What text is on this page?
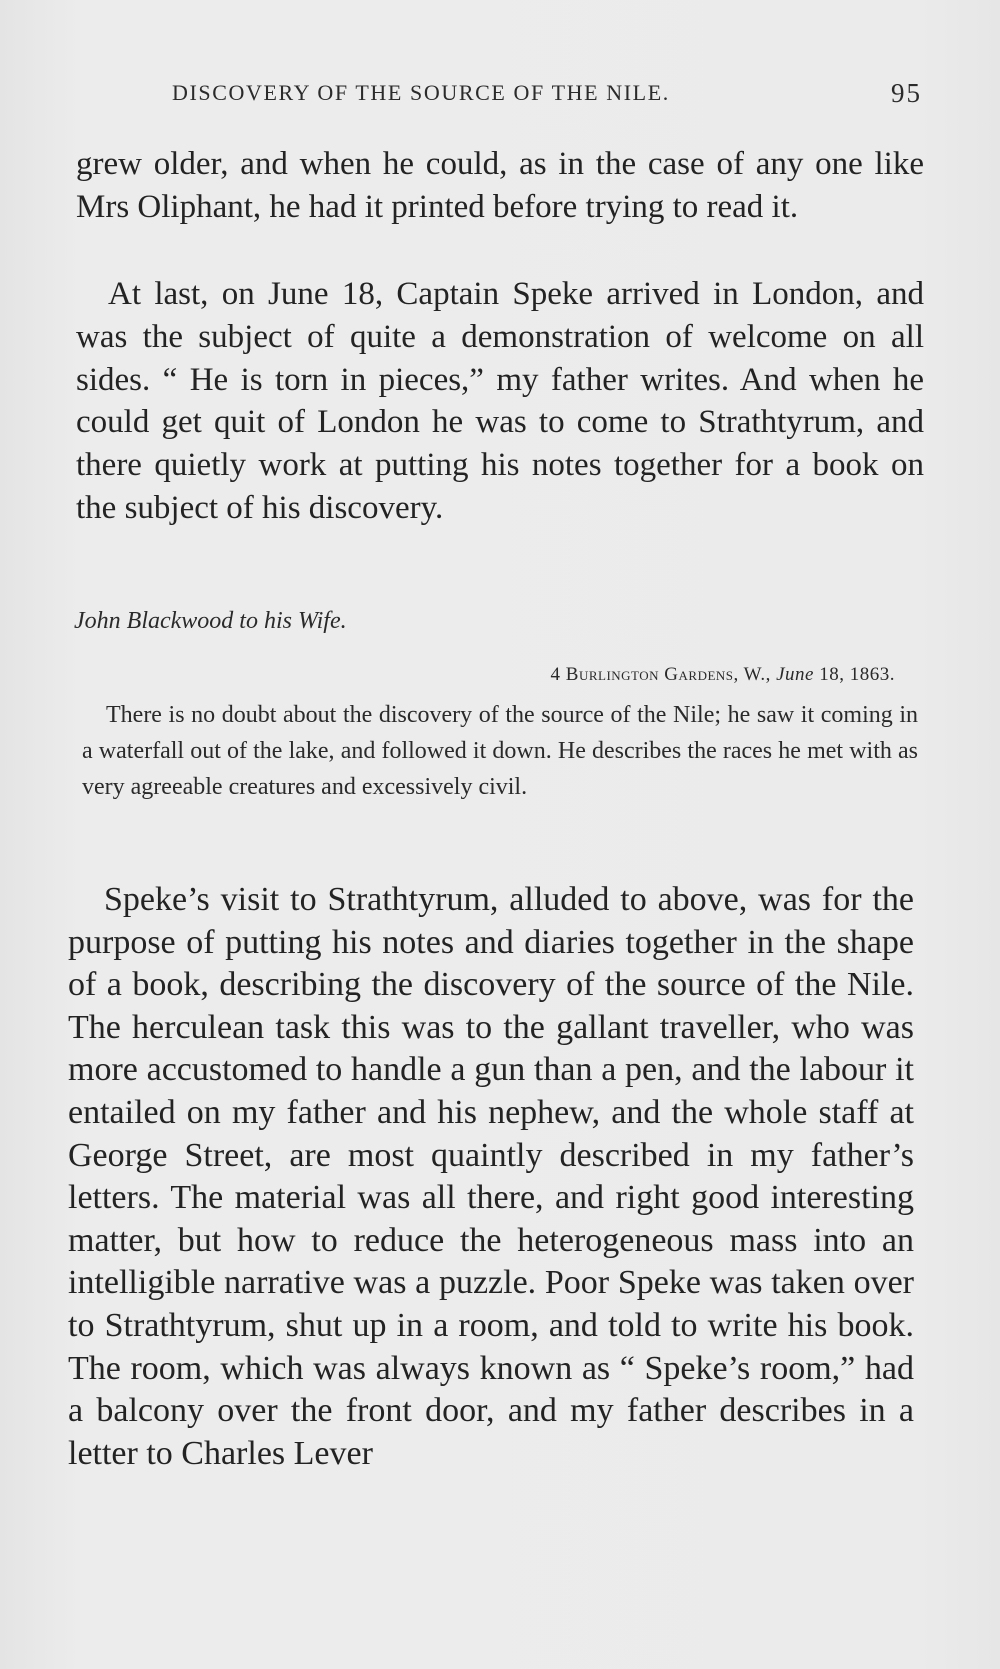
DISCOVERY OF THE SOURCE OF THE NILE.	95

grew older, and when he could, as in the case of any one like Mrs Oliphant, he had it printed before trying to read it.

At last, on June 18, Captain Speke arrived in London, and was the subject of quite a demonstration of welcome on all sides. “ He is torn in pieces,” my father writes. And when he could get quit of London he was to come to Strathtyrum, and there quietly work at putting his notes together for a book on the subject of his discovery.

John Blackwood to his Wife.
4 Burlington Gardens, W., June 18, 1863.

There is no doubt about the discovery of the source of the Nile; he saw it coming in a waterfall out of the lake, and followed it down. He describes the races he met with as very agreeable creatures and excessively civil.

Speke’s visit to Strathtyrum, alluded to above, was for the purpose of putting his notes and diaries together in the shape of a book, describing the discovery of the source of the Nile. The herculean task this was to the gallant traveller, who was more accustomed to handle a gun than a pen, and the labour it entailed on my father and his nephew, and the whole staff at George Street, are most quaintly described in my father’s letters. The material was all there, and right good interesting matter, but how to reduce the heterogeneous mass into an intelligible narrative was a puzzle. Poor Speke was taken over to Strathtyrum, shut up in a room, and told to write his book. The room, which was always known as “ Speke’s room,” had a balcony over the front door, and my father describes in a letter to Charles Lever
